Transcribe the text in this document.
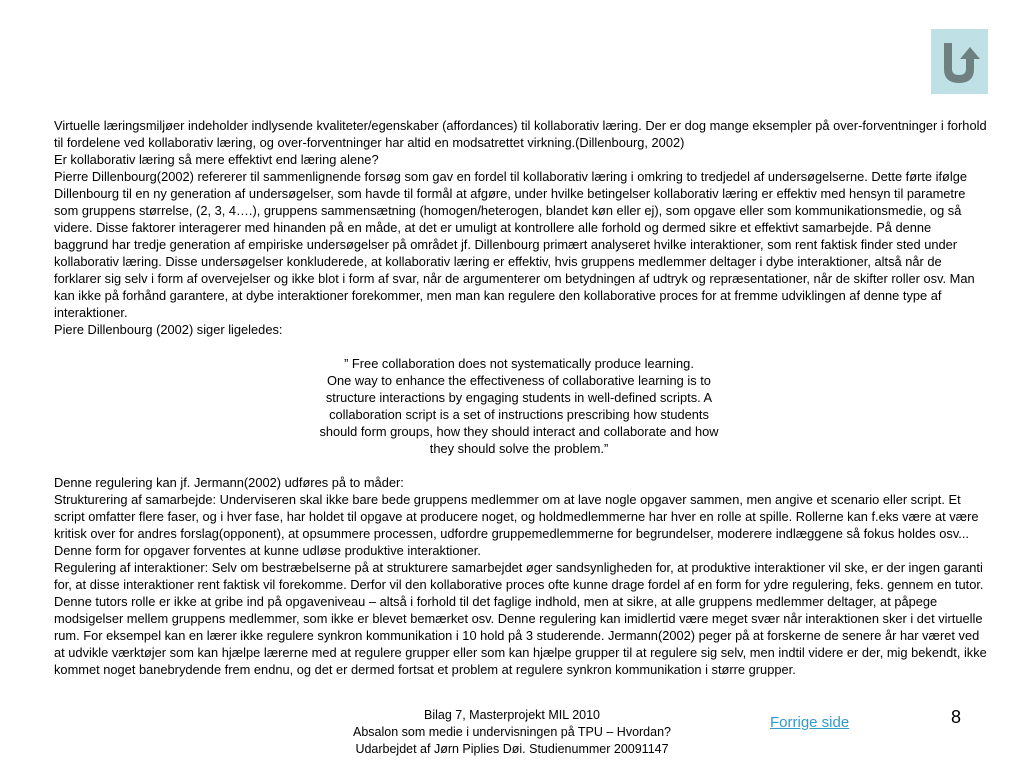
Virtuelle læringsmiljøer indeholder indlysende kvaliteter/egenskaber (affordances) til kollaborativ læring. Der er dog mange eksempler på over-forventninger i forhold til fordelene ved kollaborativ læring, og over-forventninger har altid en modsatrettet virkning.(Dillenbourg, 2002)

Er kollaborativ læring så mere effektivt end læring alene?

Pierre Dillenbourg(2002) refererer til sammenlignende forsøg som gav en fordel til kollaborativ læring i omkring to tredjedel af undersøgelserne. Dette førte ifølge Dillenbourg til en ny generation af undersøgelser, som havde til formål at afgøre, under hvilke betingelser kollaborativ læring er effektiv med hensyn til parametre som gruppens størrelse, (2, 3, 4….), gruppens sammensætning (homogen/heterogen, blandet køn eller ej), som opgave eller som kommunikationsmedie, og så videre. Disse faktorer interagerer med hinanden på en måde, at det er umuligt at kontrollere alle forhold og dermed sikre et effektivt samarbejde. På denne baggrund har tredje generation af empiriske undersøgelser på området jf. Dillenbourg primært analyseret hvilke interaktioner, som rent faktisk finder sted under kollaborativ læring. Disse undersøgelser konkluderede, at kollaborativ læring er effektiv, hvis gruppens medlemmer deltager i dybe interaktioner, altså når de forklarer sig selv i form af overvejelser og ikke blot i form af svar, når de argumenterer om betydningen af udtryk og repræsentationer, når de skifter roller osv. Man kan ikke på forhånd garantere, at dybe interaktioner forekommer, men man kan regulere den kollaborative proces for at fremme udviklingen af denne type af interaktioner.

Piere Dillenbourg (2002) siger ligeledes:

” Free collaboration does not systematically produce learning.
One way to enhance the effectiveness of collaborative learning is to
structure interactions by engaging students in well-defined scripts. A
collaboration script is a set of instructions prescribing how students
should form groups, how they should interact and collaborate and how
they should solve the problem.”

Denne regulering kan jf. Jermann(2002) udføres på to måder:

Strukturering af samarbejde: Underviseren skal ikke bare bede gruppens medlemmer om at lave nogle opgaver sammen, men angive et scenario eller script. Et script omfatter flere faser, og i hver fase, har holdet til opgave at producere noget, og holdmedlemmerne har hver en rolle at spille. Rollerne kan f.eks være at være kritisk over for andres forslag(opponent), at opsummere processen, udfordre gruppemedlemmerne for begrundelser, moderere indlæggene så fokus holdes osv... Denne form for opgaver forventes at kunne udløse produktive interaktioner.

Regulering af interaktioner: Selv om bestræbelserne på at strukturere samarbejdet øger sandsynligheden for, at produktive interaktioner vil ske, er der ingen garanti for, at disse interaktioner rent faktisk vil forekomme. Derfor vil den kollaborative proces ofte kunne drage fordel af en form for ydre regulering, feks. gennem en tutor. Denne tutors rolle er ikke at gribe ind på opgaveniveau – altså i forhold til det faglige indhold, men at sikre, at alle gruppens medlemmer deltager, at påpege modsigelser mellem gruppens medlemmer, som ikke er blevet bemærket osv. Denne regulering kan imidlertid være meget svær når interaktionen sker i det virtuelle rum. For eksempel kan en lærer ikke regulere synkron kommunikation i 10 hold på 3 studerende. Jermann(2002) peger på at forskerne de senere år har været ved at udvikle værktøjer som kan hjælpe lærerne med at regulere grupper eller som kan hjælpe grupper til at regulere sig selv, men indtil videre er der, mig bekendt, ikke kommet noget banebrydende frem endnu, og det er dermed fortsat et problem at regulere synkron kommunikation i større grupper.

Bilag 7, Masterprojekt MIL 2010
Absalon som medie i undervisningen på TPU – Hvordan?
Udarbejdet af Jørn Piplies Døi. Studienummer 20091147
Forrige side	8
